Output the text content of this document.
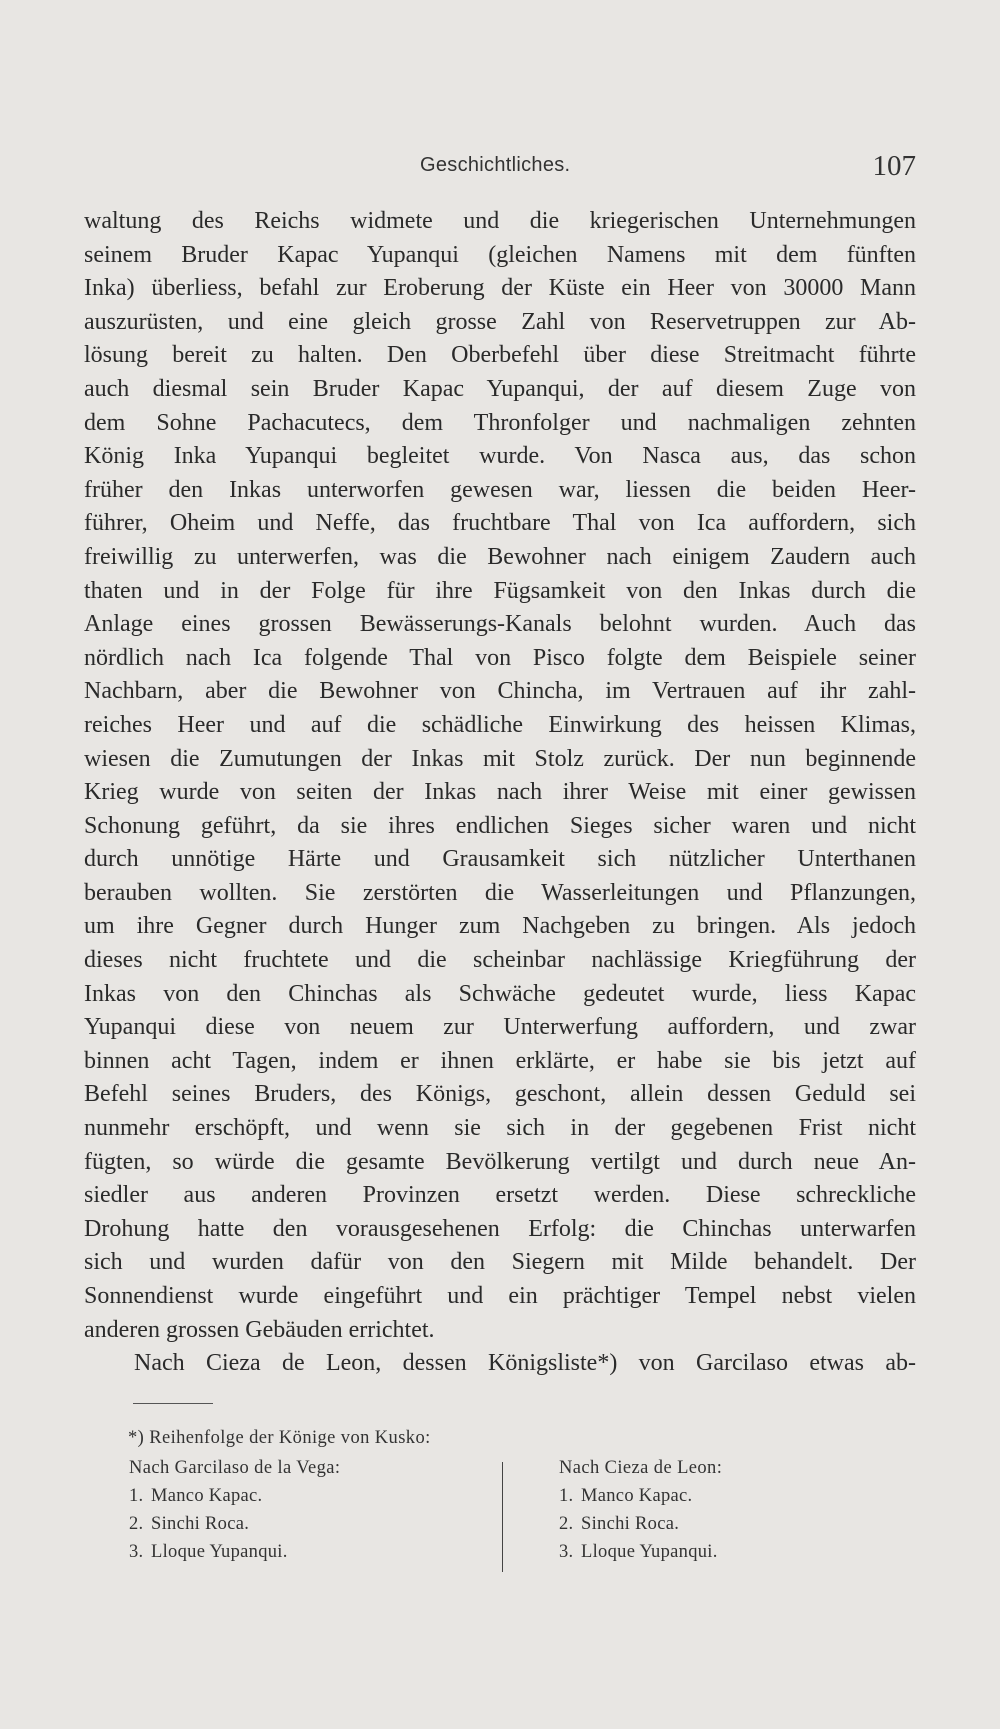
Geschichtliches.	107
waltung des Reichs widmete und die kriegerischen Unternehmungen
seinem Bruder Kapac Yupanqui (gleichen Namens mit dem fünften
Inka) überliess, befahl zur Eroberung der Küste ein Heer von 30000 Mann
auszurüsten, und eine gleich grosse Zahl von Reservetruppen zur Ab-
lösung bereit zu halten. Den Oberbefehl über diese Streitmacht führte
auch diesmal sein Bruder Kapac Yupanqui, der auf diesem Zuge von
dem Sohne Pachacutecs, dem Thronfolger und nachmaligen zehnten
König Inka Yupanqui begleitet wurde. Von Nasca aus, das schon
früher den Inkas unterworfen gewesen war, liessen die beiden Heer-
führer, Oheim und Neffe, das fruchtbare Thal von Ica auffordern, sich
freiwillig zu unterwerfen, was die Bewohner nach einigem Zaudern auch
thaten und in der Folge für ihre Fügsamkeit von den Inkas durch die
Anlage eines grossen Bewässerungs-Kanals belohnt wurden. Auch das
nördlich nach Ica folgende Thal von Pisco folgte dem Beispiele seiner
Nachbarn, aber die Bewohner von Chincha, im Vertrauen auf ihr zahl-
reiches Heer und auf die schädliche Einwirkung des heissen Klimas,
wiesen die Zumutungen der Inkas mit Stolz zurück. Der nun beginnende
Krieg wurde von seiten der Inkas nach ihrer Weise mit einer gewissen
Schonung geführt, da sie ihres endlichen Sieges sicher waren und nicht
durch unnötige Härte und Grausamkeit sich nützlicher Unterthanen
berauben wollten. Sie zerstörten die Wasserleitungen und Pflanzungen,
um ihre Gegner durch Hunger zum Nachgeben zu bringen. Als jedoch
dieses nicht fruchtete und die scheinbar nachlässige Kriegführung der
Inkas von den Chinchas als Schwäche gedeutet wurde, liess Kapac
Yupanqui diese von neuem zur Unterwerfung auffordern, und zwar
binnen acht Tagen, indem er ihnen erklärte, er habe sie bis jetzt auf
Befehl seines Bruders, des Königs, geschont, allein dessen Geduld sei
nunmehr erschöpft, und wenn sie sich in der gegebenen Frist nicht
fügten, so würde die gesamte Bevölkerung vertilgt und durch neue An-
siedler aus anderen Provinzen ersetzt werden. Diese schreckliche
Drohung hatte den vorausgesehenen Erfolg: die Chinchas unterwarfen
sich und wurden dafür von den Siegern mit Milde behandelt. Der
Sonnendienst wurde eingeführt und ein prächtiger Tempel nebst vielen
anderen grossen Gebäuden errichtet.
Nach Cieza de Leon, dessen Königsliste*) von Garcilaso etwas ab-
*) Reihenfolge der Könige von Kusko:
Nach Garcilaso de la Vega:
1. Manco Kapac.
2. Sinchi Roca.
3. Lloque Yupanqui.
Nach Cieza de Leon:
1. Manco Kapac.
2. Sinchi Roca.
3. Lloque Yupanqui.
